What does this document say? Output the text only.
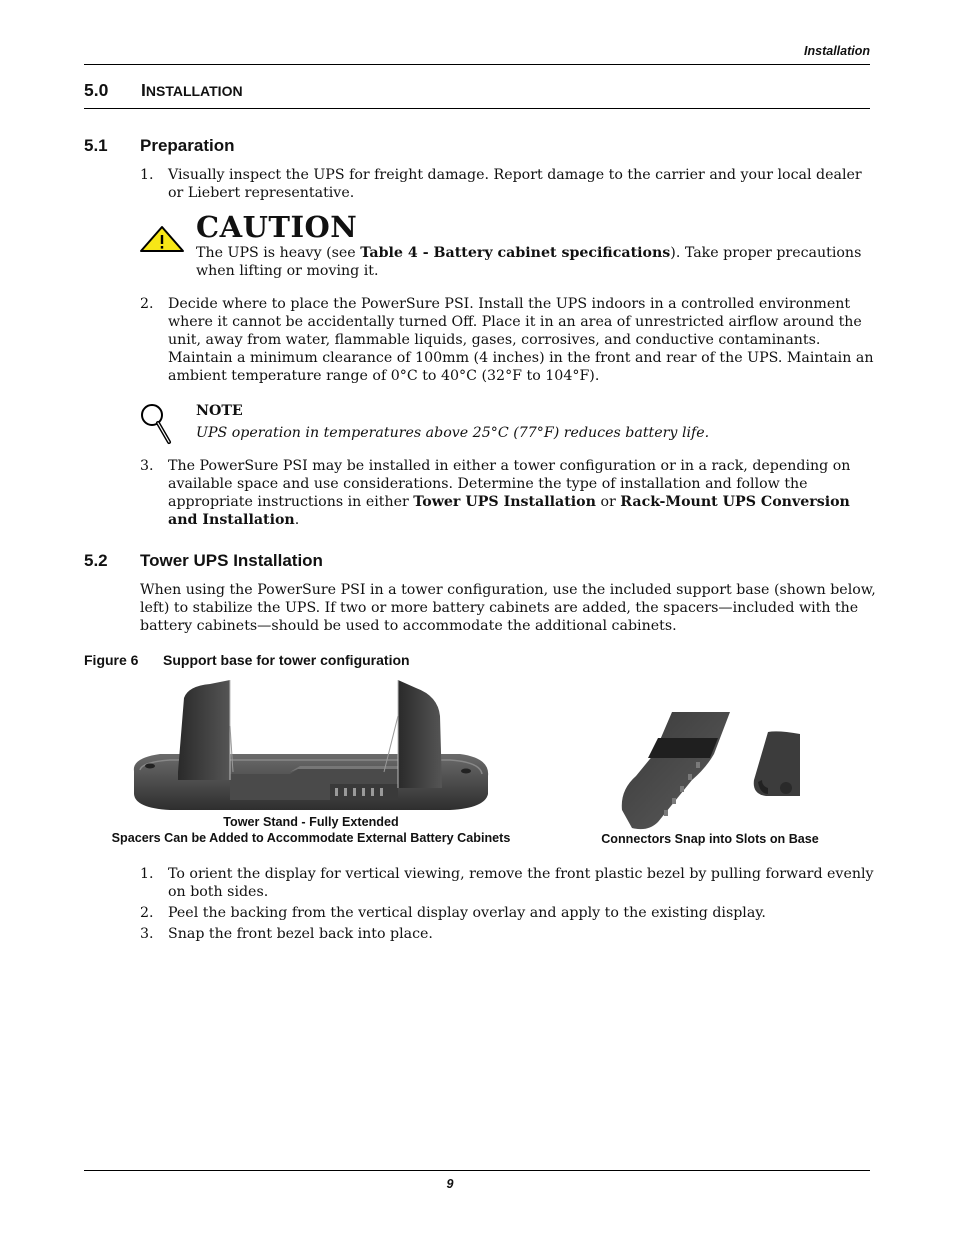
Installation
5.0 INSTALLATION
5.1 Preparation
1. Visually inspect the UPS for freight damage. Report damage to the carrier and your local dealer
or Liebert representative.
CAUTION
The UPS is heavy (see Table 4 - Battery cabinet specifications). Take proper precautions
when lifting or moving it.
2. Decide where to place the PowerSure PSI. Install the UPS indoors in a controlled environment
where it cannot be accidentally turned Off. Place it in an area of unrestricted airflow around the
unit, away from water, flammable liquids, gases, corrosives, and conductive contaminants.
Maintain a minimum clearance of 100mm (4 inches) in the front and rear of the UPS. Maintain an
ambient temperature range of 0°C to 40°C (32°F to 104°F).
NOTE
UPS operation in temperatures above 25°C (77°F) reduces battery life.
3. The PowerSure PSI may be installed in either a tower configuration or in a rack, depending on
available space and use considerations. Determine the type of installation and follow the
appropriate instructions in either Tower UPS Installation or Rack-Mount UPS Conversion
and Installation.
5.2 Tower UPS Installation
When using the PowerSure PSI in a tower configuration, use the included support base (shown below,
left) to stabilize the UPS. If two or more battery cabinets are added, the spacers—included with the
battery cabinets—should be used to accommodate the additional cabinets.
Figure 6 Support base for tower configuration
Tower Stand - Fully Extended
Spacers Can be Added to Accommodate External Battery Cabinets	Connectors Snap into Slots on Base
1. To orient the display for vertical viewing, remove the front plastic bezel by pulling forward evenly
on both sides.
2. Peel the backing from the vertical display overlay and apply to the existing display.
3. Snap the front bezel back into place.
9
